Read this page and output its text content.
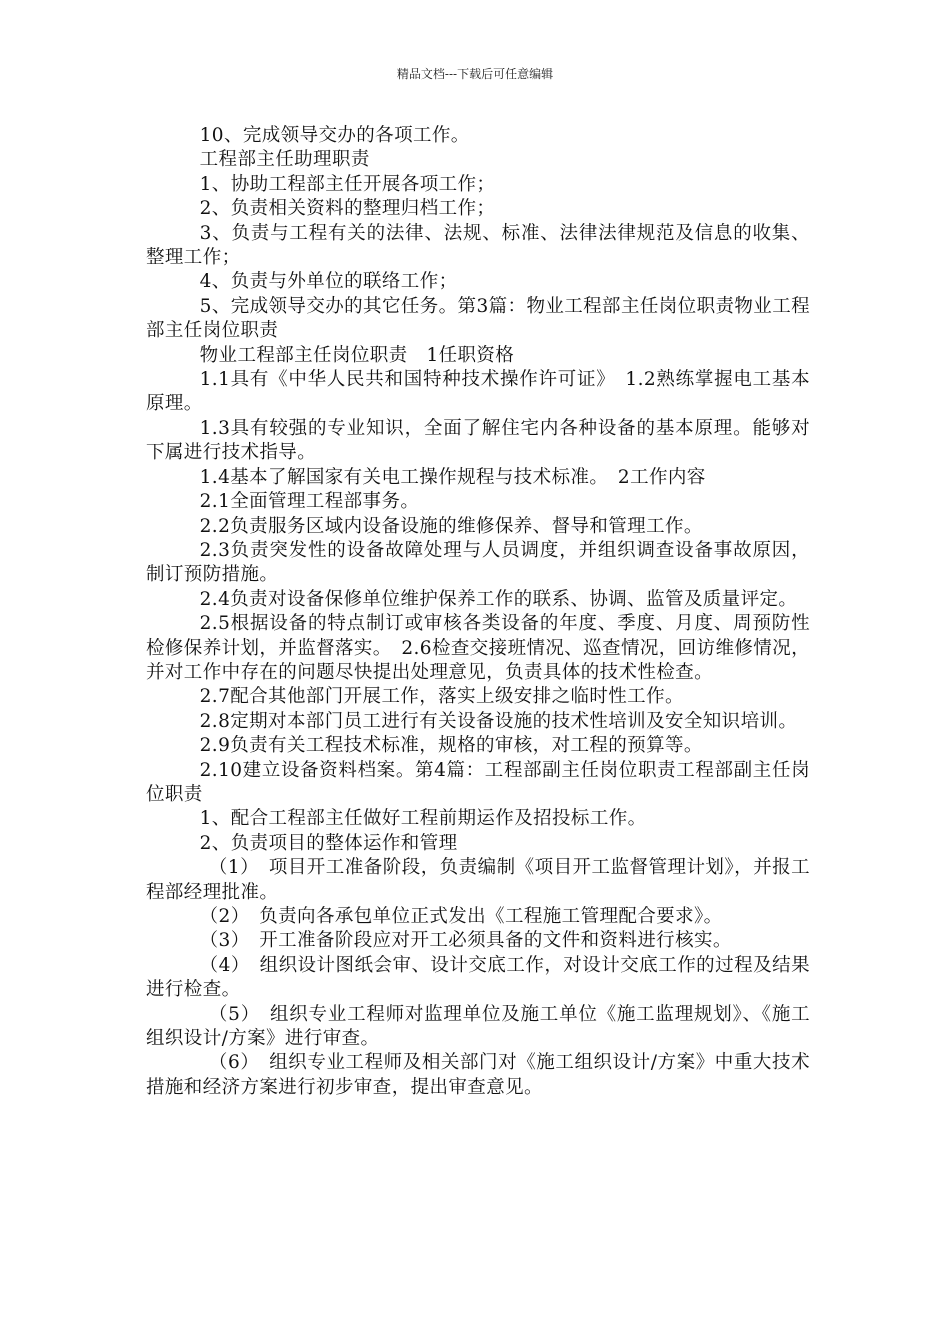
精品文档---下载后可任意编辑

10、完成领导交办的各项工作。

工程部主任助理职责

1、协助工程部主任开展各项工作；

2、负责相关资料的整理归档工作；

3、负责与工程有关的法律、法规、标准、法律法律规范及信息的收集、整理工作；

4、负责与外单位的联络工作；

5、完成领导交办的其它任务。第3篇：物业工程部主任岗位职责物业工程部主任岗位职责

物业工程部主任岗位职责　1任职资格

1.1具有《中华人民共和国特种技术操作许可证》　1.2熟练掌握电工基本原理。

1.3具有较强的专业知识，全面了解住宅内各种设备的基本原理。能够对下属进行技术指导。

1.4基本了解国家有关电工操作规程与技术标准。　2工作内容

2.1全面管理工程部事务。

2.2负责服务区域内设备设施的维修保养、督导和管理工作。

2.3负责突发性的设备故障处理与人员调度，并组织调查设备事故原因，制订预防措施。

2.4负责对设备保修单位维护保养工作的联系、协调、监管及质量评定。

2.5根据设备的特点制订或审核各类设备的年度、季度、月度、周预防性检修保养计划，并监督落实。　2.6检查交接班情况、巡查情况，回访维修情况，并对工作中存在的问题尽快提出处理意见，负责具体的技术性检查。

2.7配合其他部门开展工作，落实上级安排之临时性工作。

2.8定期对本部门员工进行有关设备设施的技术性培训及安全知识培训。

2.9负责有关工程技术标准，规格的审核，对工程的预算等。

2.10建立设备资料档案。第4篇：工程部副主任岗位职责工程部副主任岗位职责

1、配合工程部主任做好工程前期运作及招投标工作。

2、负责项目的整体运作和管理

（1）　项目开工准备阶段，负责编制《项目开工监督管理计划》，并报工程部经理批准。

（2）　负责向各承包单位正式发出《工程施工管理配合要求》。

（3）　开工准备阶段应对开工必须具备的文件和资料进行核实。

（4）　组织设计图纸会审、设计交底工作，对设计交底工作的过程及结果进行检查。

（5）　组织专业工程师对监理单位及施工单位《施工监理规划》、《施工组织设计/方案》进行审查。

（6）　组织专业工程师及相关部门对《施工组织设计/方案》中重大技术措施和经济方案进行初步审查，提出审查意见。
